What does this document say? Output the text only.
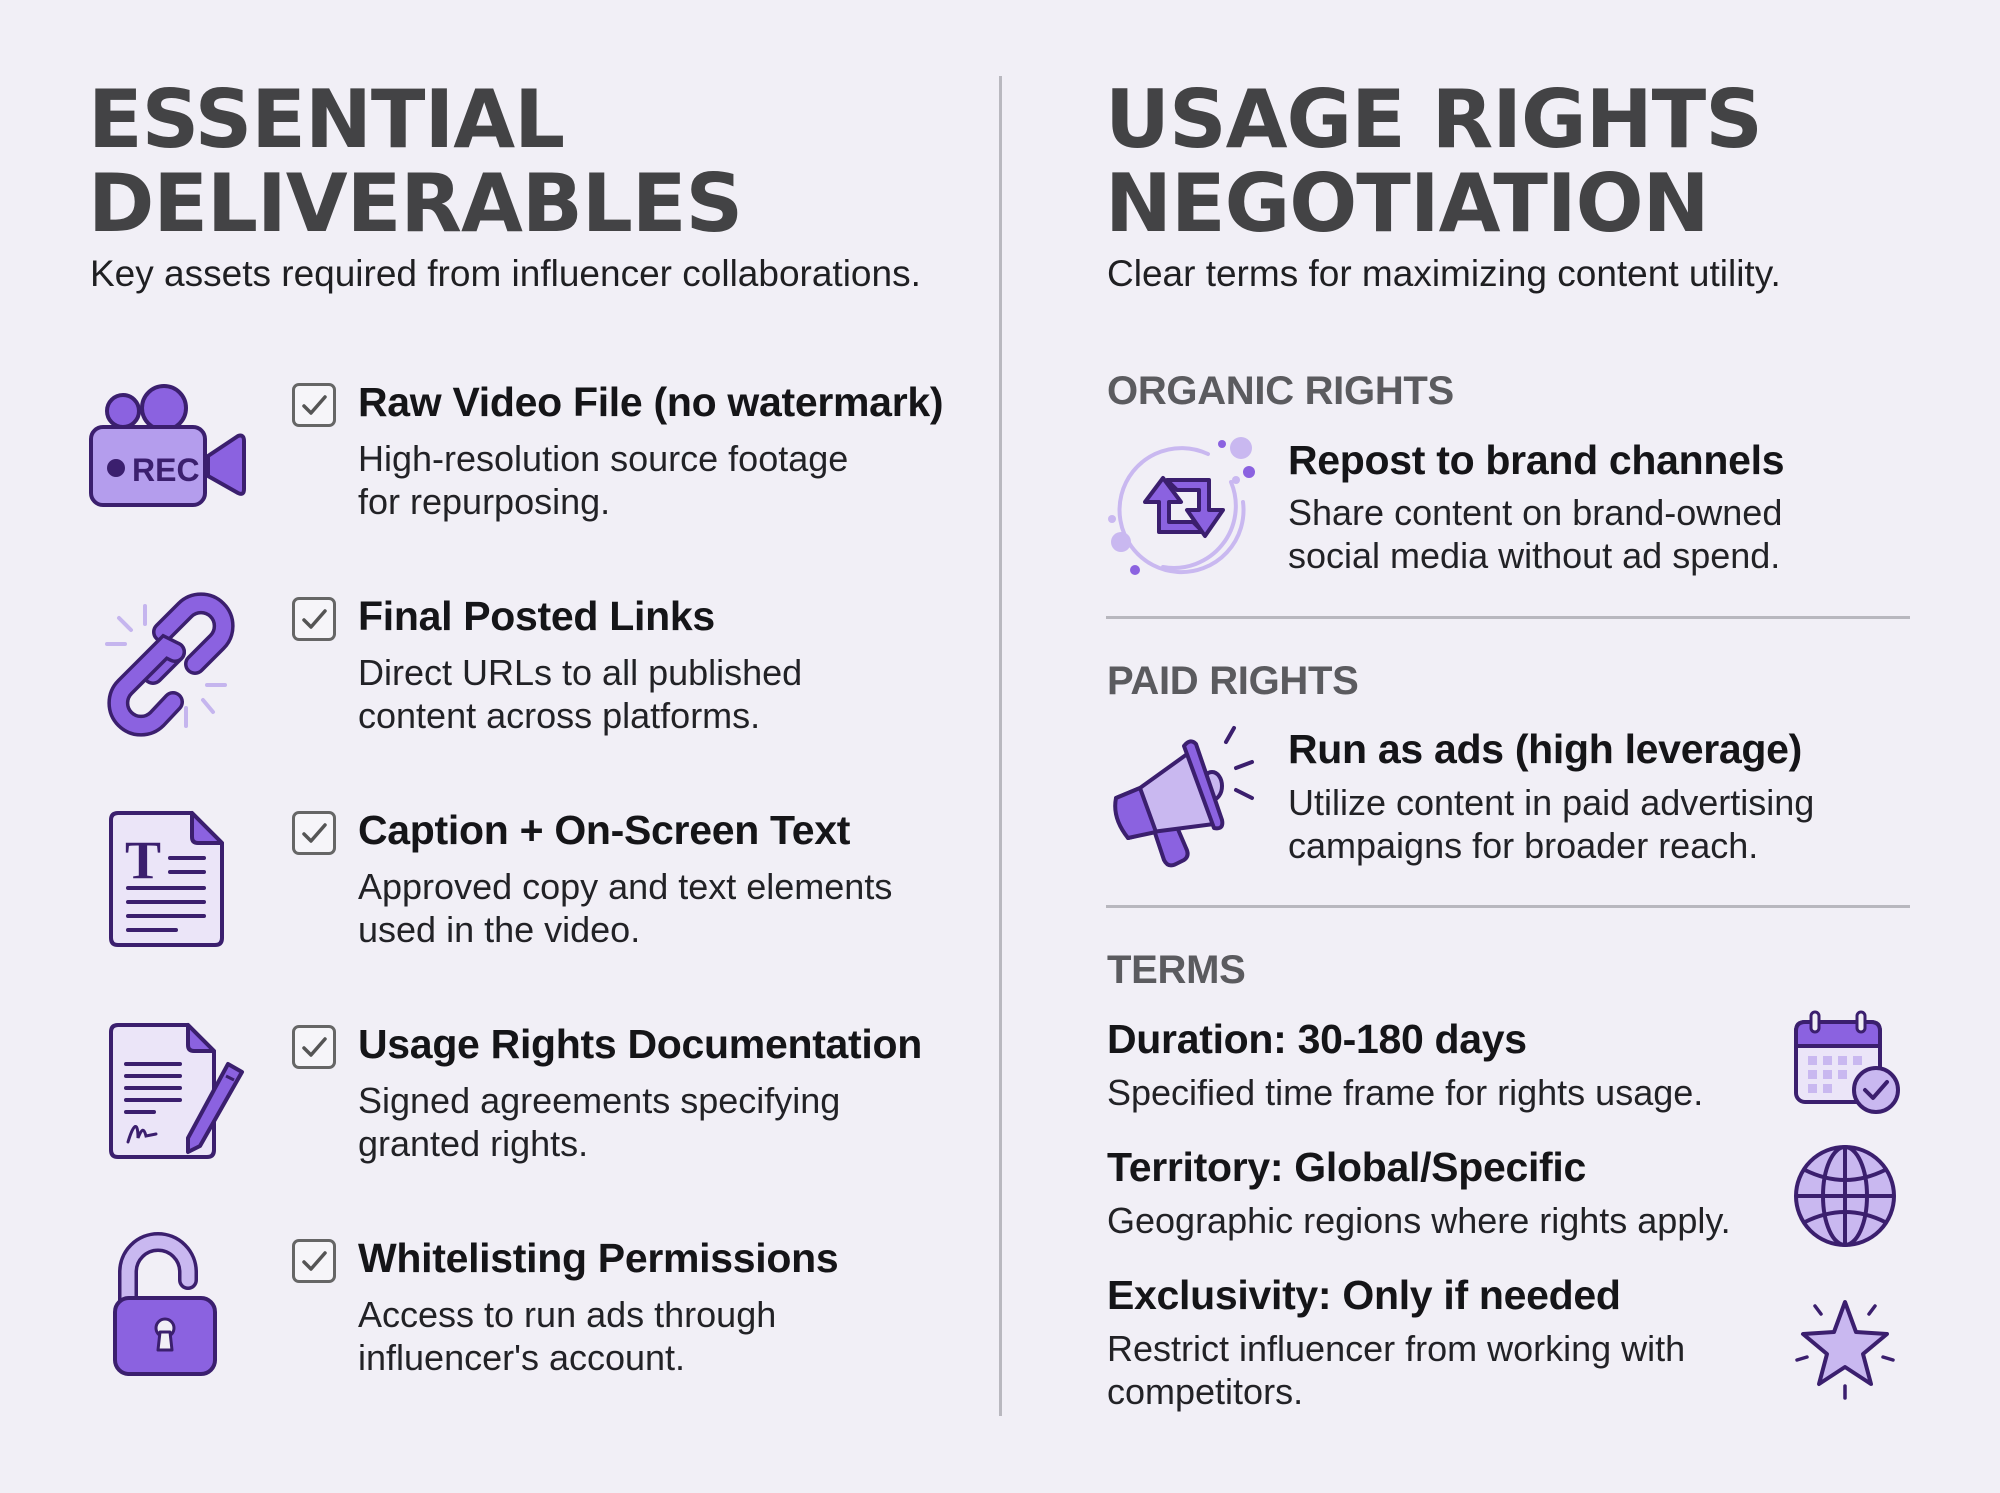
ESSENTIAL
DELIVERABLES
Key assets required from influencer collaborations.
REC
Raw Video File (no watermark)
High-resolution source footage
for repurposing.
Final Posted Links
Direct URLs to all published
content across platforms.
T	Caption + On-Screen Text
Approved copy and text elements
used in the video.
Usage Rights Documentation
Signed agreements specifying
granted rights.
Whitelisting Permissions
Access to run ads through
influencer's account.
USAGE RIGHTS
NEGOTIATION
Clear terms for maximizing content utility.
ORGANIC RIGHTS
Repost to brand channels
Share content on brand-owned
social media without ad spend.
PAID RIGHTS
Run as ads (high leverage)
Utilize content in paid advertising
campaigns for broader reach.
TERMS
Duration: 30-180 days
Specified time frame for rights usage.
Territory: Global/Specific
Geographic regions where rights apply.
Exclusivity: Only if needed
Restrict influencer from working with
competitors.
